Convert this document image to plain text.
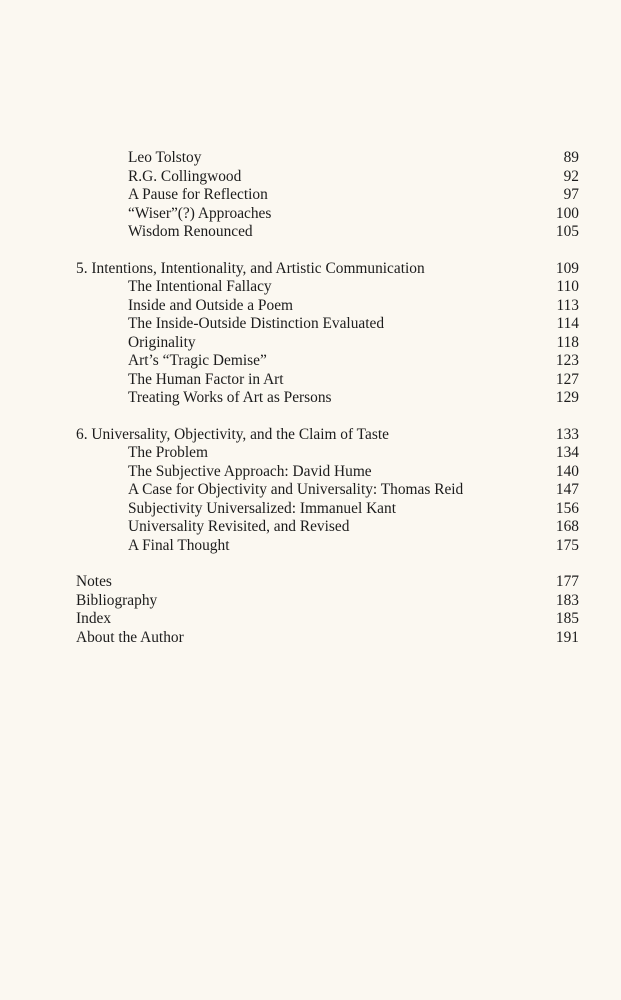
Leo Tolstoy	89
R.G. Collingwood	92
A Pause for Reflection	97
“Wiser”(?) Approaches	100
Wisdom Renounced	105
5. Intentions, Intentionality, and Artistic Communication	109
The Intentional Fallacy	110
Inside and Outside a Poem	113
The Inside-Outside Distinction Evaluated	114
Originality	118
Art’s “Tragic Demise”	123
The Human Factor in Art	127
Treating Works of Art as Persons	129
6. Universality, Objectivity, and the Claim of Taste	133
The Problem	134
The Subjective Approach: David Hume	140
A Case for Objectivity and Universality: Thomas Reid	147
Subjectivity Universalized: Immanuel Kant	156
Universality Revisited, and Revised	168
A Final Thought	175
Notes	177
Bibliography	183
Index	185
About the Author	191
